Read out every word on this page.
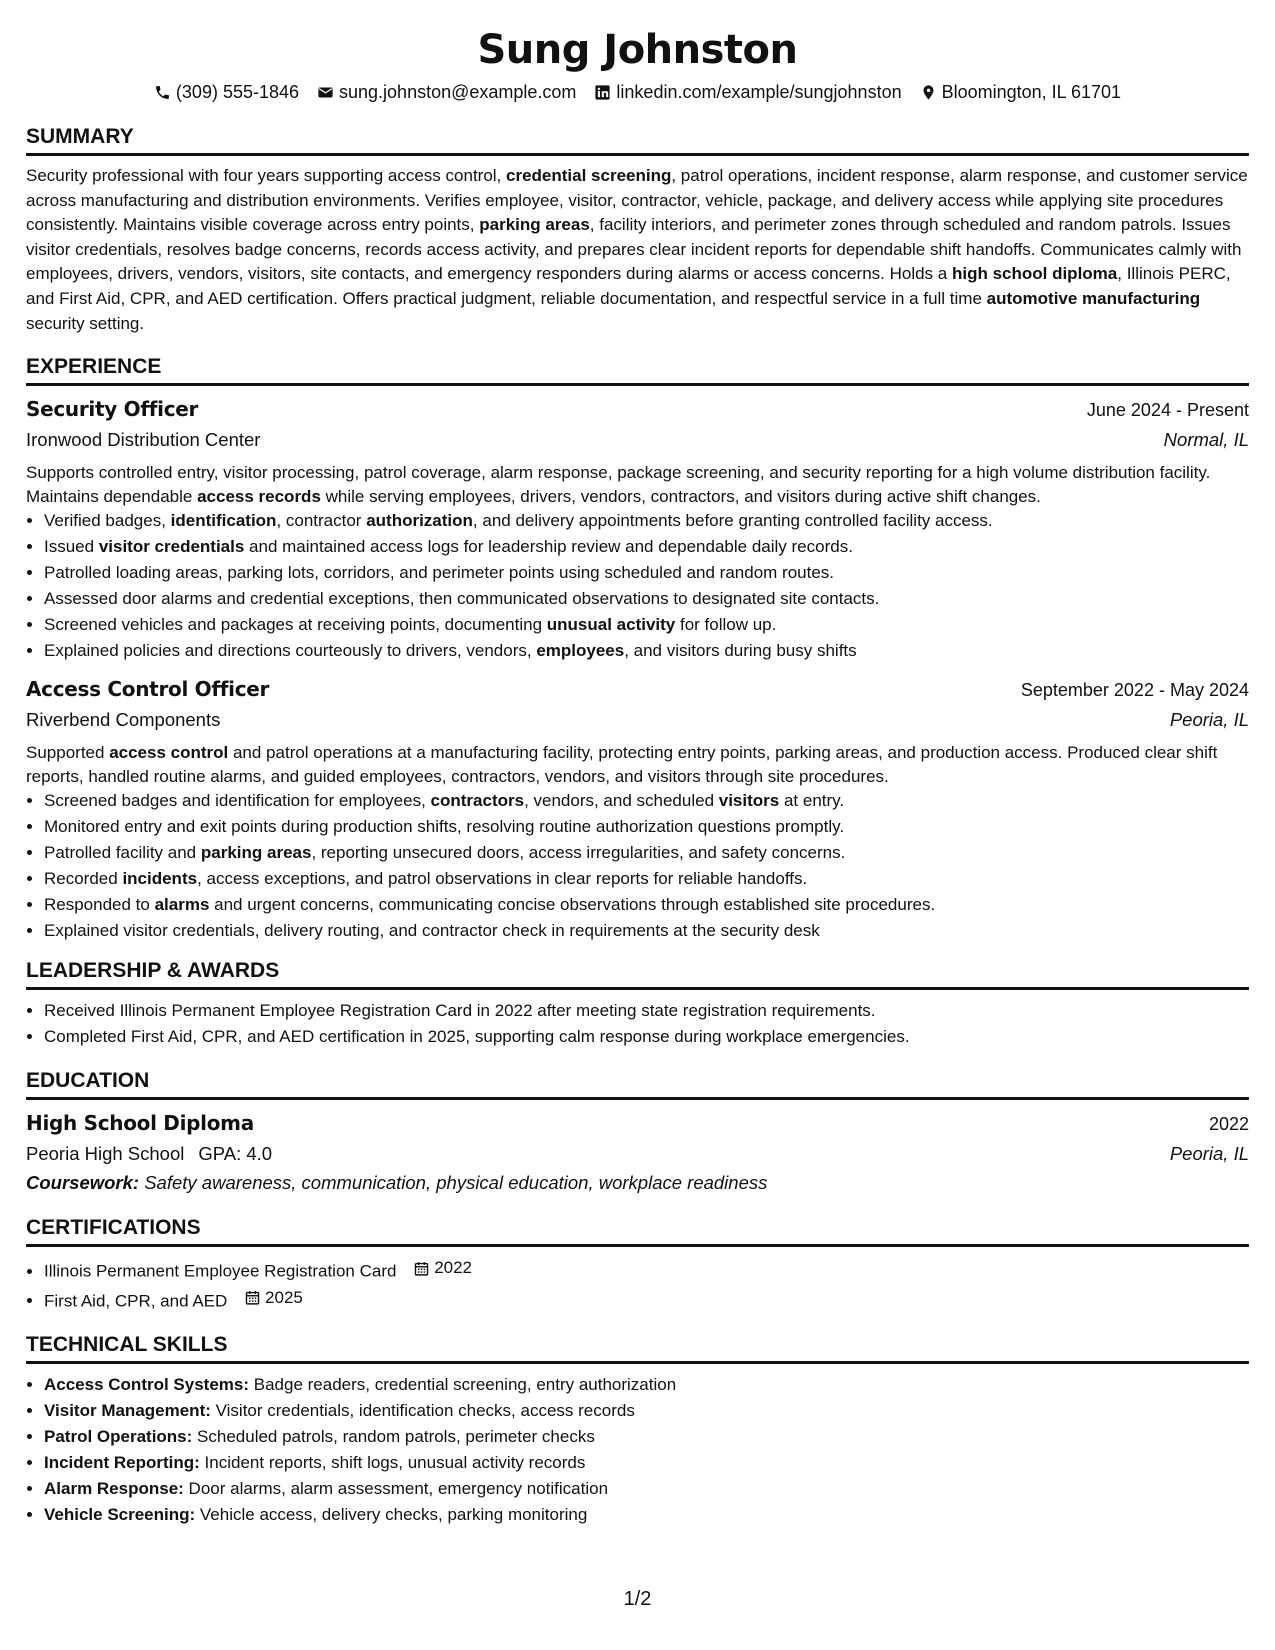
Sung Johnston
(309) 555-1846 sung.johnston@example.com linkedin.com/example/sungjohnston Bloomington, IL 61701
SUMMARY

Security professional with four years supporting access control, credential screening, patrol operations, incident response, alarm response, and customer service across manufacturing and distribution environments. Verifies employee, visitor, contractor, vehicle, package, and delivery access while applying site procedures consistently. Maintains visible coverage across entry points, parking areas, facility interiors, and perimeter zones through scheduled and random patrols. Issues visitor credentials, resolves badge concerns, records access activity, and prepares clear incident reports for dependable shift handoffs. Communicates calmly with employees, drivers, vendors, visitors, site contacts, and emergency responders during alarms or access concerns. Holds a high school diploma, Illinois PERC, and First Aid, CPR, and AED certification. Offers practical judgment, reliable documentation, and respectful service in a full time automotive manufacturing security setting.

EXPERIENCE
Security Officer	June 2024 - Present
Ironwood Distribution Center	Normal, IL
Supports controlled entry, visitor processing, patrol coverage, alarm response, package screening, and security reporting for a high volume distribution facility. Maintains dependable access records while serving employees, drivers, vendors, contractors, and visitors during active shift changes.
• Verified badges, identification, contractor authorization, and delivery appointments before granting controlled facility access.
• Issued visitor credentials and maintained access logs for leadership review and dependable daily records.
• Patrolled loading areas, parking lots, corridors, and perimeter points using scheduled and random routes.
• Assessed door alarms and credential exceptions, then communicated observations to designated site contacts.
• Screened vehicles and packages at receiving points, documenting unusual activity for follow up.
• Explained policies and directions courteously to drivers, vendors, employees, and visitors during busy shifts
Access Control Officer	September 2022 - May 2024
Riverbend Components	Peoria, IL
Supported access control and patrol operations at a manufacturing facility, protecting entry points, parking areas, and production access. Produced clear shift reports, handled routine alarms, and guided employees, contractors, vendors, and visitors through site procedures.
• Screened badges and identification for employees, contractors, vendors, and scheduled visitors at entry.
• Monitored entry and exit points during production shifts, resolving routine authorization questions promptly.
• Patrolled facility and parking areas, reporting unsecured doors, access irregularities, and safety concerns.
• Recorded incidents, access exceptions, and patrol observations in clear reports for reliable handoffs.
• Responded to alarms and urgent concerns, communicating concise observations through established site procedures.
• Explained visitor credentials, delivery routing, and contractor check in requirements at the security desk
LEADERSHIP & AWARDS
• Received Illinois Permanent Employee Registration Card in 2022 after meeting state registration requirements.
• Completed First Aid, CPR, and AED certification in 2025, supporting calm response during workplace emergencies.
EDUCATION
High School Diploma	2022
Peoria High School GPA: 4.0	Peoria, IL
Coursework: Safety awareness, communication, physical education, workplace readiness
CERTIFICATIONS
• Illinois Permanent Employee Registration Card 2022
• First Aid, CPR, and AED 2025
TECHNICAL SKILLS
• Access Control Systems: Badge readers, credential screening, entry authorization
• Visitor Management: Visitor credentials, identification checks, access records
• Patrol Operations: Scheduled patrols, random patrols, perimeter checks
• Incident Reporting: Incident reports, shift logs, unusual activity records
• Alarm Response: Door alarms, alarm assessment, emergency notification
• Vehicle Screening: Vehicle access, delivery checks, parking monitoring
1/2
